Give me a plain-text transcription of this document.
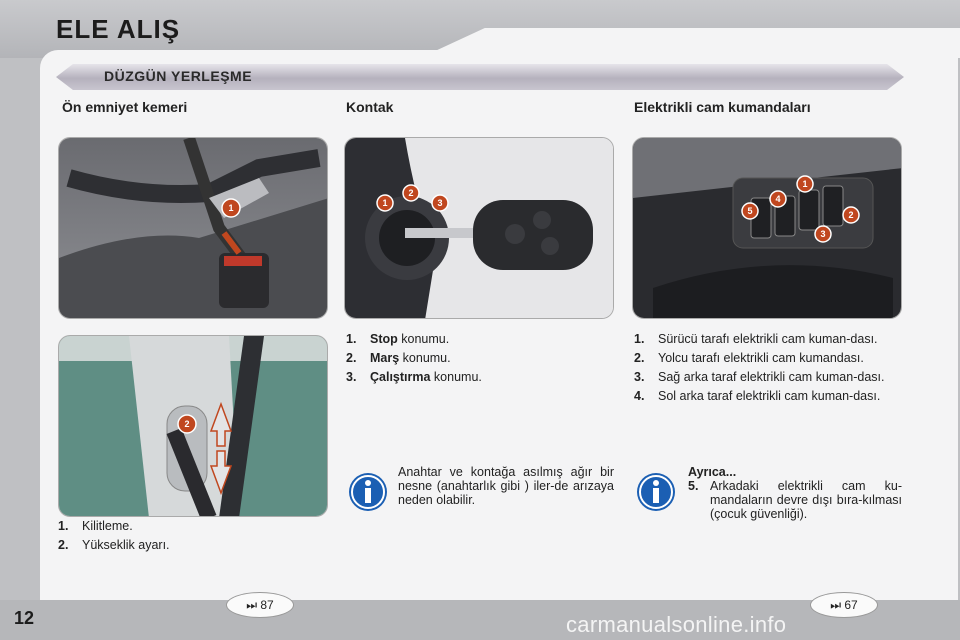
ELE ALIŞ
12	carmanualsonline.info
DÜZGÜN YERLEŞME
Ön emniyet kemeri	Kontak	Elektrikli cam kumandaları
1
2
1. Kilitleme.
2. Yükseklik ayarı.
1
2
3
1. Stop konumu.
2. Marş konumu.
3. Çalıştırma konumu.
Anahtar ve kontağa asılmış ağır bir nesne (anahtarlık gibi ) iler-de arızaya neden olabilir.
1
2
3
4
5
1. Sürücü tarafı elektrikli cam kuman-dası.
2. Yolcu tarafı elektrikli cam kumandası.
3. Sağ arka taraf elektrikli cam kuman-dası.
4. Sol arka taraf elektrikli cam kuman-dası.
Ayrıca...
5. Arkadaki elektrikli cam ku-mandaların devre dışı bıra-kılması (çocuk güvenliği).
⏭ 87	⏭ 67
